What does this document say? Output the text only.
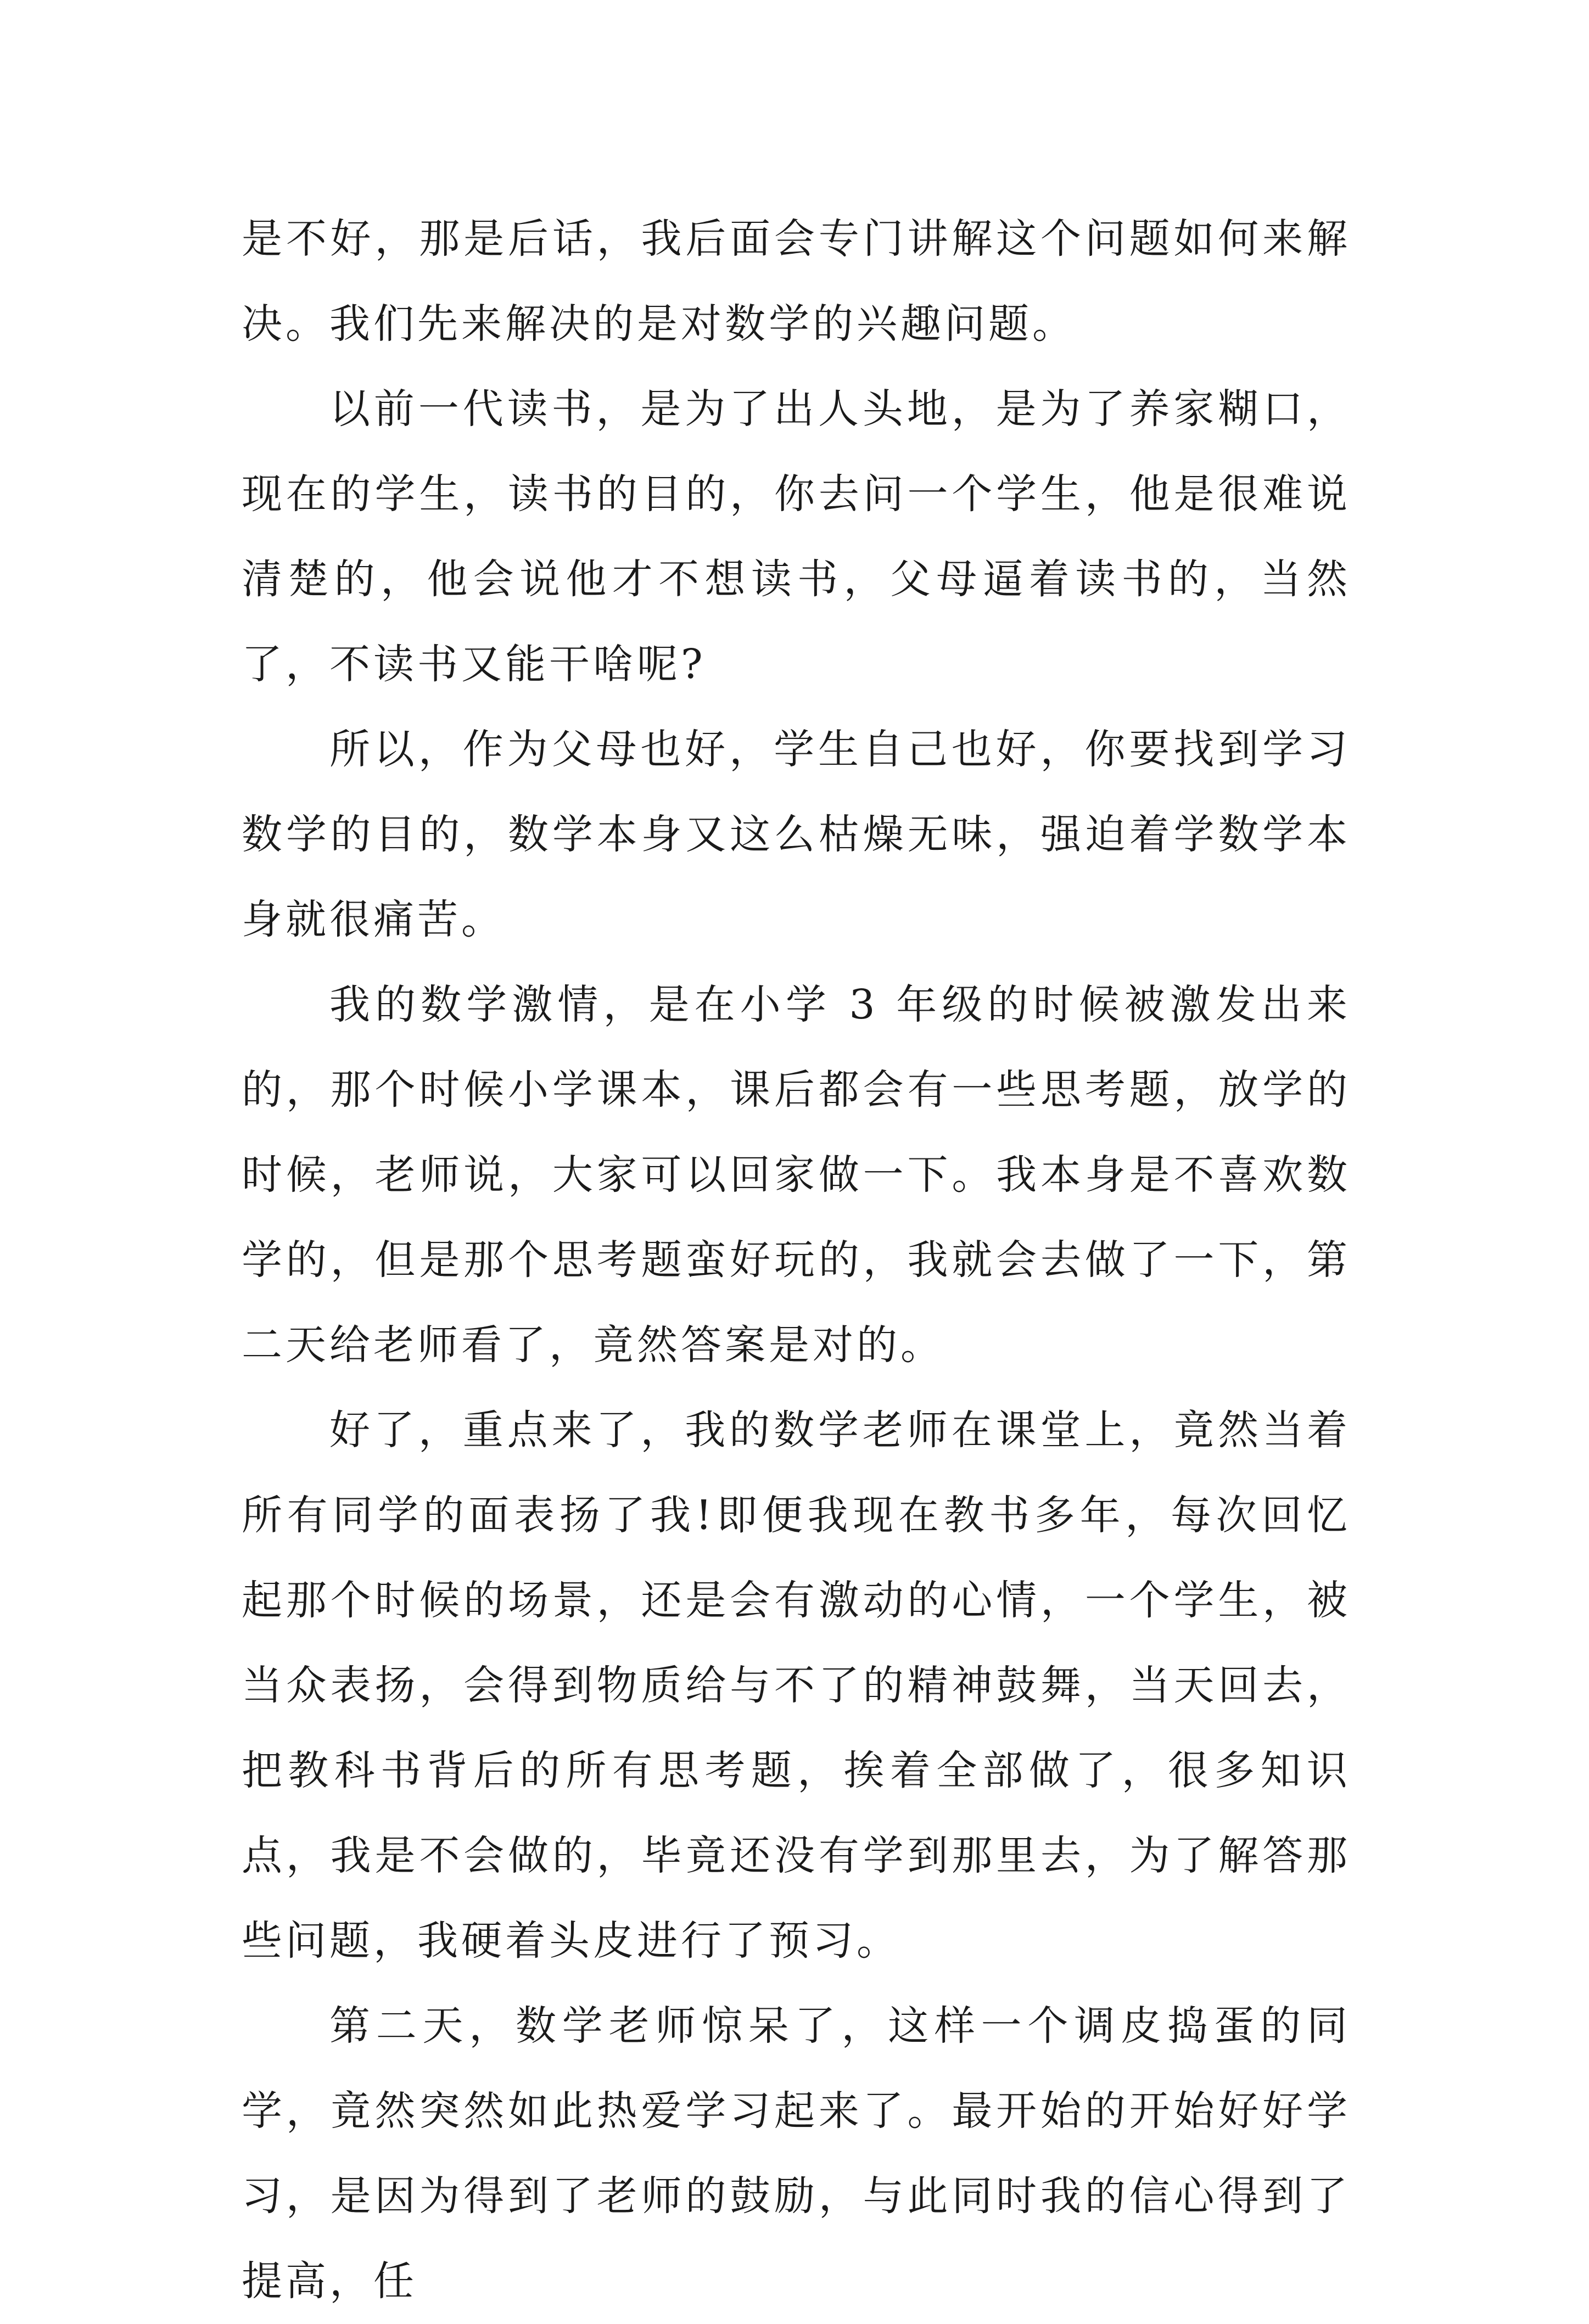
是不好，那是后话，我后面会专门讲解这个问题如何来解决。我们先来解决的是对数学的兴趣问题。

以前一代读书，是为了出人头地，是为了养家糊口，现在的学生，读书的目的，你去问一个学生，他是很难说清楚的，他会说他才不想读书，父母逼着读书的，当然了，不读书又能干啥呢?

所以，作为父母也好，学生自己也好，你要找到学习数学的目的，数学本身又这么枯燥无味，强迫着学数学本身就很痛苦。

我的数学激情，是在小学 3 年级的时候被激发出来的，那个时候小学课本，课后都会有一些思考题，放学的时候，老师说，大家可以回家做一下。我本身是不喜欢数学的，但是那个思考题蛮好玩的，我就会去做了一下，第二天给老师看了，竟然答案是对的。

好了，重点来了，我的数学老师在课堂上，竟然当着所有同学的面表扬了我!即便我现在教书多年，每次回忆起那个时候的场景，还是会有激动的心情，一个学生，被当众表扬，会得到物质给与不了的精神鼓舞，当天回去，把教科书背后的所有思考题，挨着全部做了，很多知识点，我是不会做的，毕竟还没有学到那里去，为了解答那些问题，我硬着头皮进行了预习。

第二天，数学老师惊呆了，这样一个调皮捣蛋的同学，竟然突然如此热爱学习起来了。最开始的开始好好学习，是因为得到了老师的鼓励，与此同时我的信心得到了提高，任
